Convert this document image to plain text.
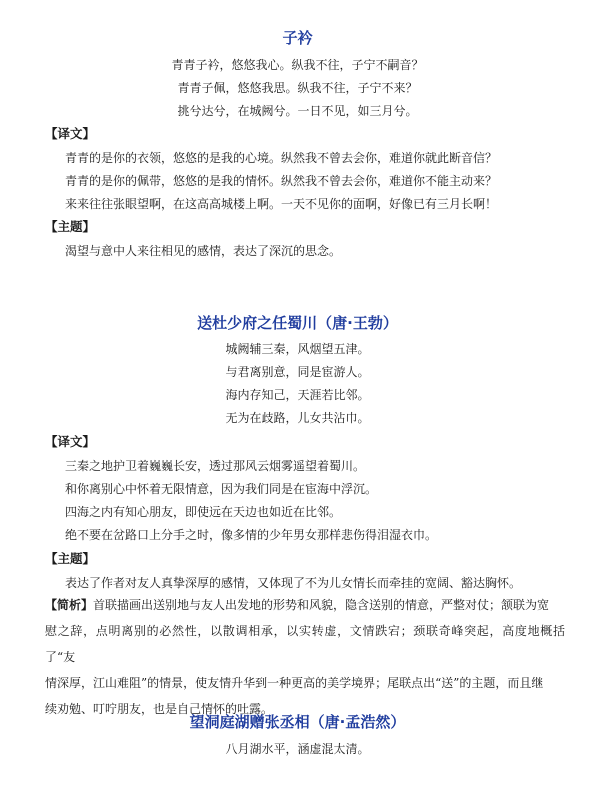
子衿
青青子衿，悠悠我心。纵我不往，子宁不嗣音？
青青子佩，悠悠我思。纵我不往，子宁不来？
挑兮达兮，在城阙兮。一日不见，如三月兮。
【译文】
青青的是你的衣领，悠悠的是我的心境。纵然我不曾去会你，难道你就此断音信？
青青的是你的佩带，悠悠的是我的情怀。纵然我不曾去会你，难道你不能主动来？
来来往往张眼望啊，在这高高城楼上啊。一天不见你的面啊，好像已有三月长啊！
【主题】
渴望与意中人来往相见的感情，表达了深沉的思念。
送杜少府之任蜀川（唐·王勃）
城阙辅三秦，风烟望五津。
与君离别意，同是宦游人。
海内存知己，天涯若比邻。
无为在歧路，儿女共沾巾。
【译文】
三秦之地护卫着巍巍长安，透过那风云烟雾遥望着蜀川。
和你离别心中怀着无限情意，因为我们同是在宦海中浮沉。
四海之内有知心朋友，即使远在天边也如近在比邻。
绝不要在岔路口上分手之时，像多情的少年男女那样悲伤得泪湿衣巾。
【主题】
表达了作者对友人真挚深厚的感情，又体现了不为儿女情长而牵挂的宽阔、豁达胸怀。
【简析】首联描画出送别地与友人出发地的形势和风貌，隐含送别的情意，严整对仗；颔联为宽
慰之辞，点明离别的必然性，以散调相承，以实转虚，文情跌宕；颈联奇峰突起，高度地概括了“友
情深厚，江山难阻”的情景，使友情升华到一种更高的美学境界；尾联点出“送”的主题，而且继
续劝勉、叮咛朋友，也是自己情怀的吐露。
望洞庭湖赠张丞相（唐·孟浩然）
八月湖水平，涵虚混太清。
